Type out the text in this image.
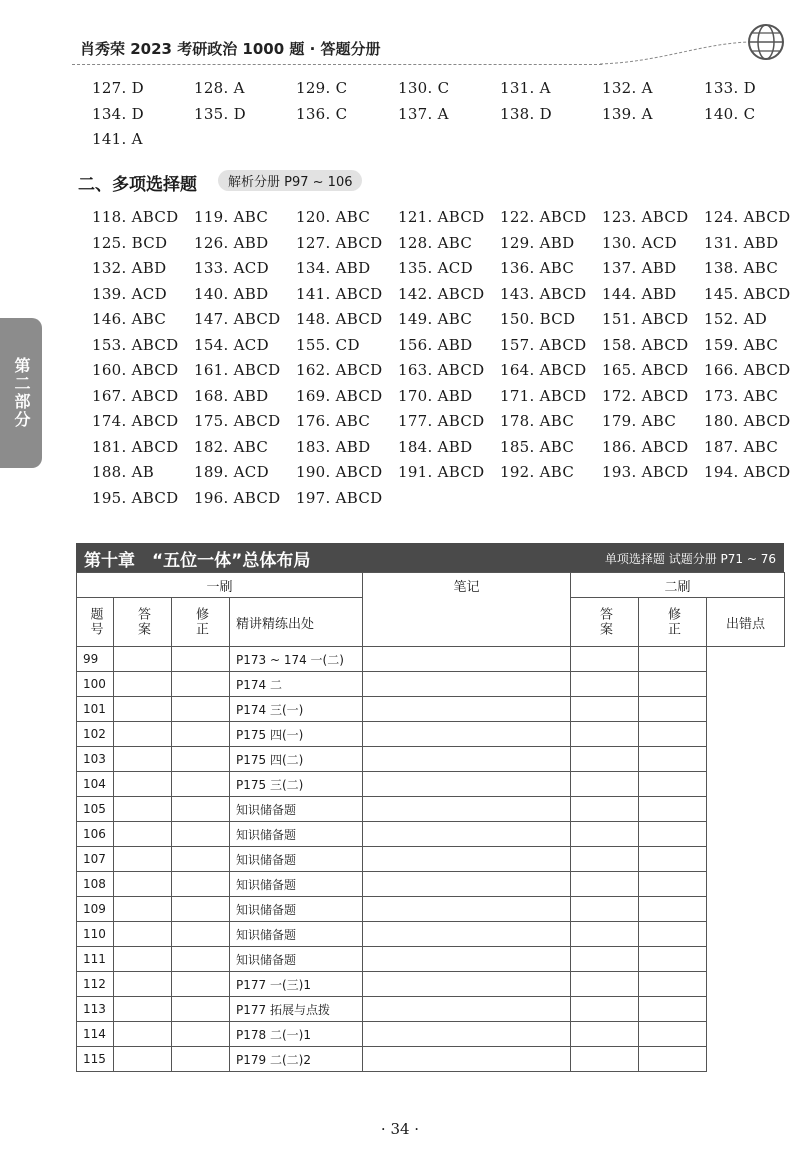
肖秀荣 2023 考研政治 1000 题 · 答题分册
第二部分
127. D	128. A	129. C	130. C	131. A	132. A	133. D
134. D	135. D	136. C	137. A	138. D	139. A	140. C
141. A
二、多项选择题	解析分册 P97 ~ 106
118. ABCD	119. ABC	120. ABC	121. ABCD	122. ABCD	123. ABCD	124. ABCD
125. BCD	126. ABD	127. ABCD	128. ABC	129. ABD	130. ACD	131. ABD
132. ABD	133. ACD	134. ABD	135. ACD	136. ABC	137. ABD	138. ABC
139. ACD	140. ABD	141. ABCD	142. ABCD	143. ABCD	144. ABD	145. ABCD
146. ABC	147. ABCD	148. ABCD	149. ABC	150. BCD	151. ABCD	152. AD
153. ABCD	154. ACD	155. CD	156. ABD	157. ABCD	158. ABCD	159. ABC
160. ABCD	161. ABCD	162. ABCD	163. ABCD	164. ABCD	165. ABCD	166. ABCD
167. ABCD	168. ABD	169. ABCD	170. ABD	171. ABCD	172. ABCD	173. ABC
174. ABCD	175. ABCD	176. ABC	177. ABCD	178. ABC	179. ABC	180. ABCD
181. ABCD	182. ABC	183. ABD	184. ABD	185. ABC	186. ABCD	187. ABC
188. AB	189. ACD	190. ABCD	191. ABCD	192. ABC	193. ABCD	194. ABCD
195. ABCD	196. ABCD	197. ABCD
第十章　“五位一体”总体布局	单项选择题 试题分册 P71 ~ 76
一刷				笔记	二刷		
题号	答案	修正	精讲精练出处		答案	修正	出错点
99			P173 ~ 174 一(二)				
100			P174 二				
101			P174 三(一)				
102			P175 四(一)				
103			P175 四(二)				
104			P175 三(二)				
105			知识储备题				
106			知识储备题				
107			知识储备题				
108			知识储备题				
109			知识储备题				
110			知识储备题				
111			知识储备题				
112			P177 一(三)1				
113			P177 拓展与点拨				
114			P178 二(一)1				
115			P179 二(二)2				
· 34 ·
